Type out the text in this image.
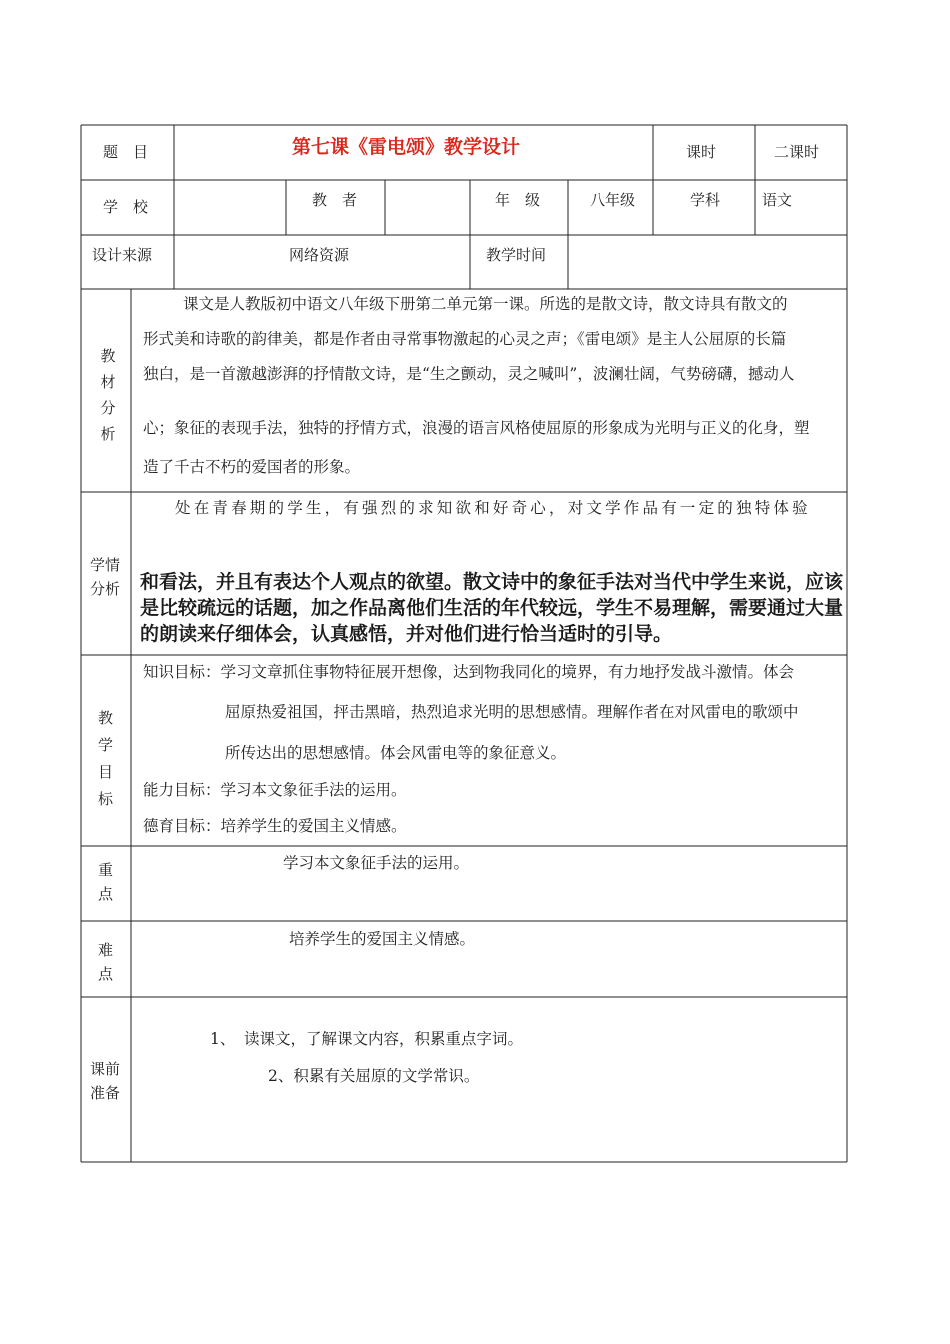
题　目	第七课《雷电颂》教学设计	课时	二课时
学　校	教　者	年　级	八年级	学科	语文
设计来源	网络资源	教学时间
教材分析
课文是人教版初中语文八年级下册第二单元第一课。所选的是散文诗，散文诗具有散文的
形式美和诗歌的韵律美，都是作者由寻常事物激起的心灵之声；《雷电颂》是主人公屈原的长篇
独白，是一首激越澎湃的抒情散文诗，是“生之颤动，灵之喊叫”，波澜壮阔，气势磅礴，撼动人
心；象征的表现手法，独特的抒情方式，浪漫的语言风格使屈原的形象成为光明与正义的化身，塑
造了千古不朽的爱国者的形象。
学情分析
处在青春期的学生，有强烈的求知欲和好奇心，对文学作品有一定的独特体验
和看法，并且有表达个人观点的欲望。散文诗中的象征手法对当代中学生来说，应该
是比较疏远的话题，加之作品离他们生活的年代较远，学生不易理解，需要通过大量
的朗读来仔细体会，认真感悟，并对他们进行恰当适时的引导。
教学目标
知识目标：学习文章抓住事物特征展开想像，达到物我同化的境界，有力地抒发战斗激情。体会
屈原热爱祖国，抨击黑暗，热烈追求光明的思想感情。理解作者在对风雷电的歌颂中
所传达出的思想感情。体会风雷电等的象征意义。
能力目标：学习本文象征手法的运用。
德育目标：培养学生的爱国主义情感。
重点
学习本文象征手法的运用。
难点
培养学生的爱国主义情感。
课前准备
1、 读课文，了解课文内容，积累重点字词。
2、积累有关屈原的文学常识。
